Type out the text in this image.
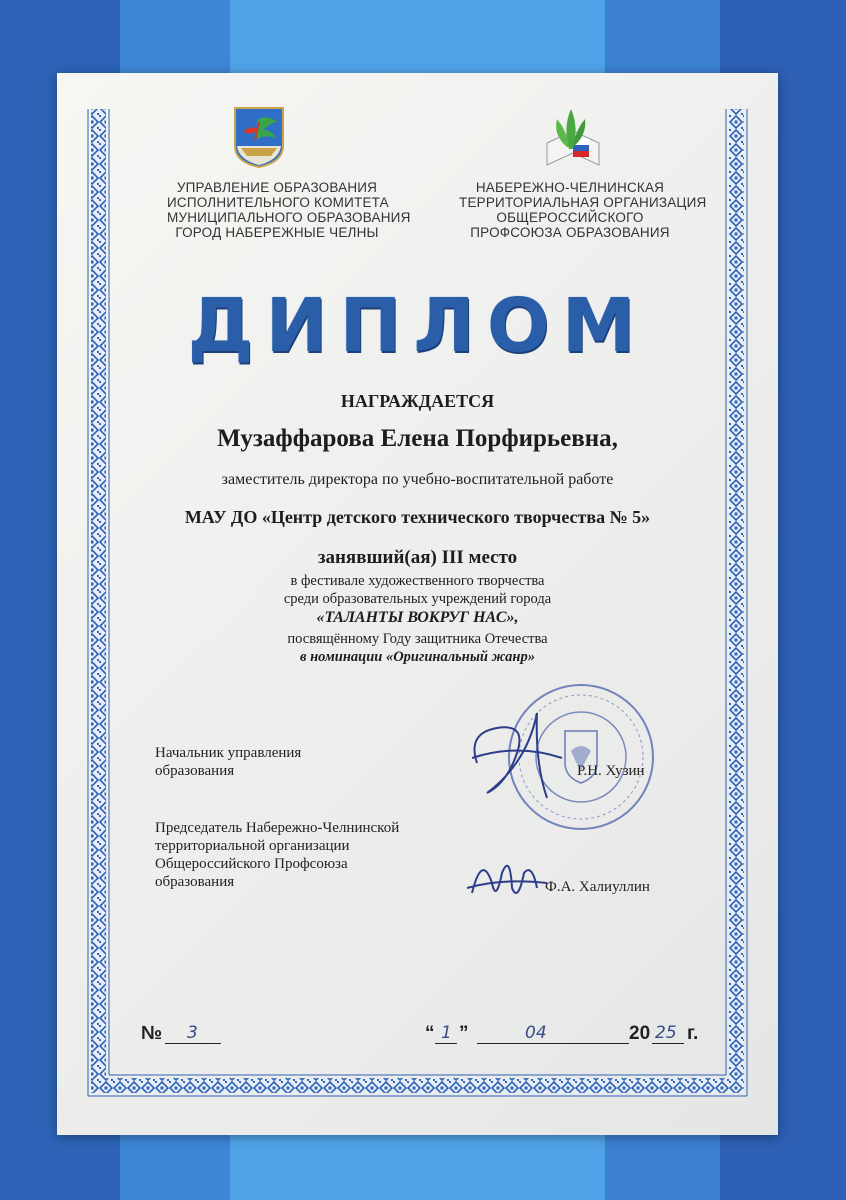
УПРАВЛЕНИЕ ОБРАЗОВАНИЯ
ИСПОЛНИТЕЛЬНОГО КОМИТЕТА
МУНИЦИПАЛЬНОГО ОБРАЗОВАНИЯ
ГОРОД НАБЕРЕЖНЫЕ ЧЕЛНЫ
НАБЕРЕЖНО-ЧЕЛНИНСКАЯ
ТЕРРИТОРИАЛЬНАЯ ОРГАНИЗАЦИЯ
ОБЩЕРОССИЙСКОГО
ПРОФСОЮЗА ОБРАЗОВАНИЯ
ДИПЛОМ
НАГРАЖДАЕТСЯ
Музаффарова Елена Порфирьевна,
заместитель директора по учебно-воспитательной работе
МАУ ДО «Центр детского технического творчества № 5»
занявший(ая) III место
в фестивале художественного творчества
среди образовательных учреждений города
«ТАЛАНТЫ ВОКРУГ НАС»,
посвящённому Году защитника Отечества
в номинации «Оригинальный жанр»
Начальник управления
образования	Р.Н. Хузин
Председатель Набережно-Челнинской
территориальной организации
Общероссийского Профсоюза
образования	Ф.А. Халиуллин
№ 3	“ 1 ”	04	20 25 г.
